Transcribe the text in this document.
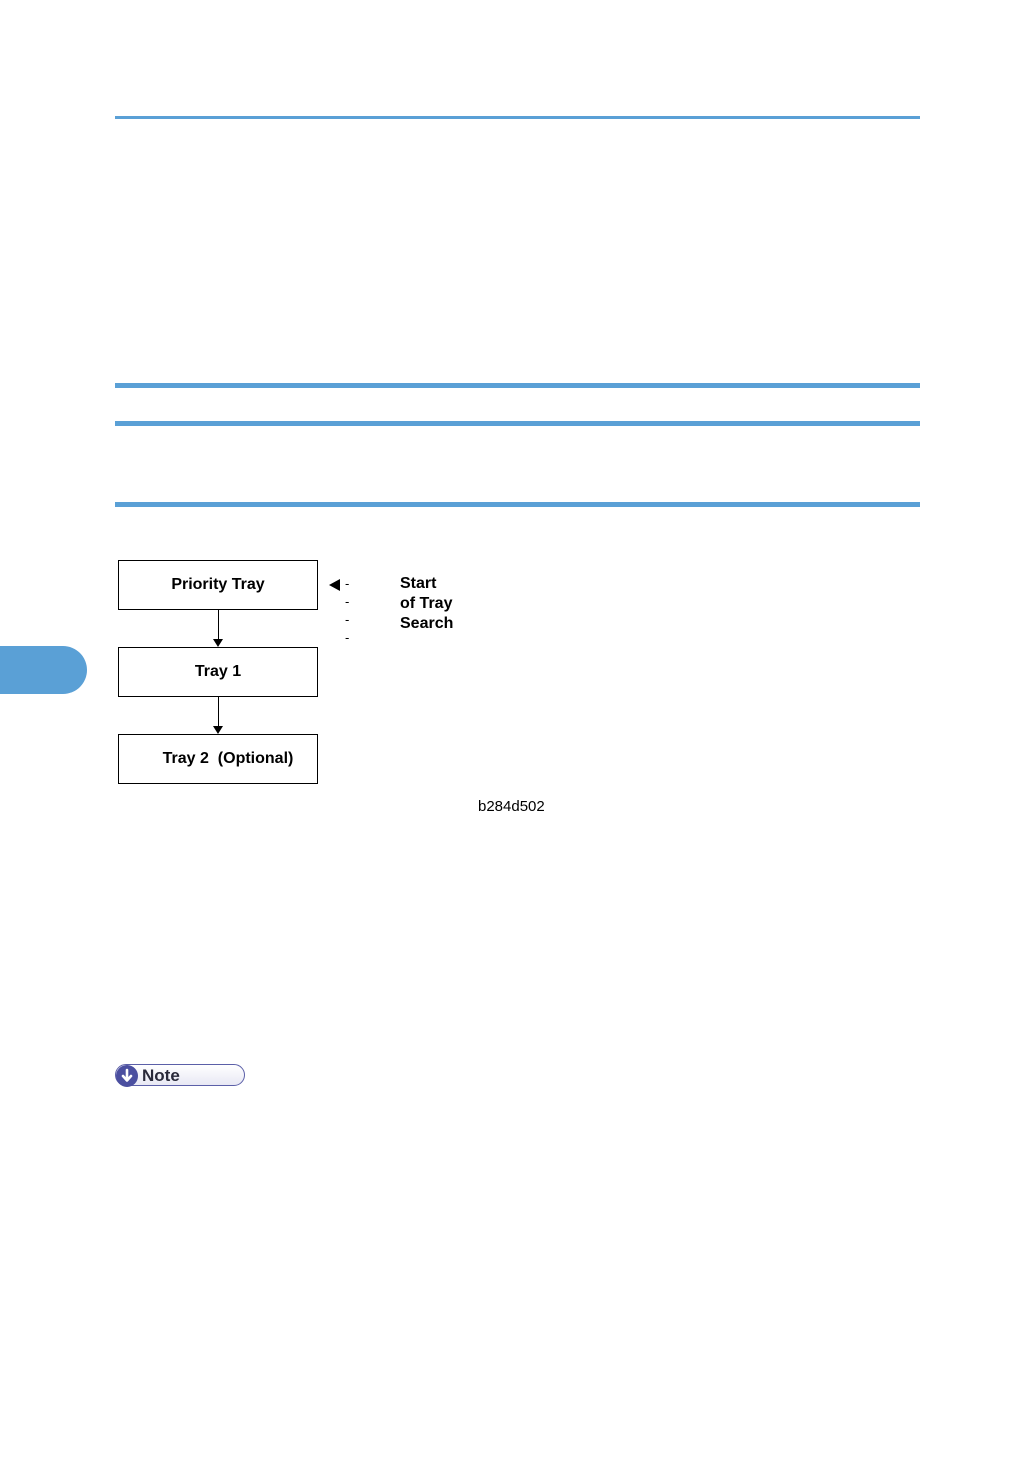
Priority Tray
Tray 1
Tray 2  (Optional)
- - - -
Start of Tray Search
b284d502
Note
